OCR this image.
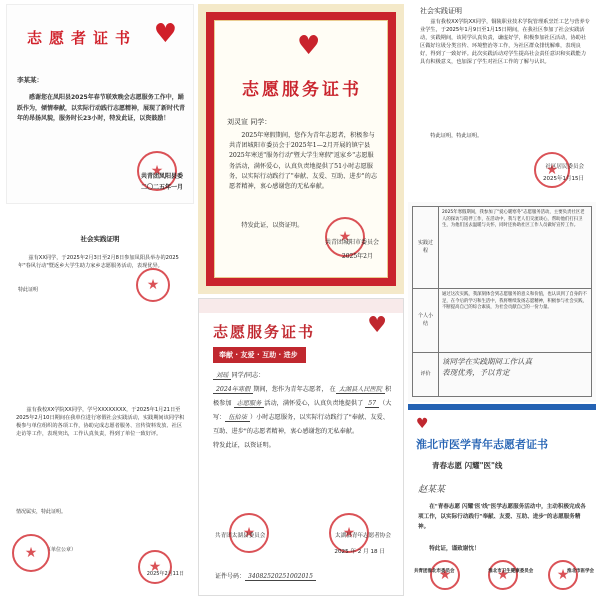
志愿者证书 ♥
李某某：
感谢您在凤阳县2025年春节联欢晚会志愿服务工作中，踊跃作为，倾情奉献，以实际行动践行志愿精神，展现了新时代青年的昂扬风貌，服务时长23小时，特发此证，以资鼓励！
★
共青团凤阳县委
二〇二五年一月
社会实践证明
兹有XX同学，于2025年2月3日至2月8日参加凤阳县举办的2025年"春风行动"暨返乡大学生助力家乡志愿服务活动，表现优异。
特此证明
★
♥
志愿服务证书
刘灵宣 同学：
2025年寒假期间，您作为青年志愿者，积极参与共青团城阳市委员会于2025年1—2月开展的镇宁县2025年寒送"服务行动"暨大学生寒假"返家乡"志愿服务活动，满怀爱心，认真负责地提供了51小时志愿服务，以实际行动践行了"奉献、友爱、互助、进步"的志愿者精神，衷心感谢您的无私奉献。
特发此证，以资证明。
★
共青团城阳市委员会
2025年2月
社会实践证明
兹有我校XX学院XX同学，铜陵职业技术学院管理系烹饪工艺与营养专业学生，于2025年1月9日至1月15日期间，在我社区参加了社会实践活动，实践期间，该同学认真负责，谦虚好学，积极参加社区活动，协助社区做好垃圾分类宣传、环境整治等工作，为社区群众排忧解难，表现良好，得到了一致好评。此次实践活动对学生提高社会责任意识和实践能力具有积极意义，也加深了学生对社区工作的了解与认识。
特此证明，特此证明。
★
社区居民委员会
2025年1月15日
实践过程	2025年寒假期间，我参加了"爱心暖寒冬"志愿服务活动，主要负责社区老人的探访与陪伴工作，在活动中，我与老人们交流谈心，帮助他们打扫卫生，为他们送去温暖与关怀，同时还协助社区工作人员做好宣传工作。
个人小结	通过这次实践，我深刻体会到志愿服务的意义和价值，也认识到了自身的不足，在今后的学习和生活中，我将继续发扬志愿精神，积极参与社会实践，不断提高自己的综合素质，为社会贡献自己的一份力量。
评价	该同学在实践期间工作认真
表现优秀，予以肯定
志愿服务证书 ♥
奉献 · 友爱 · 互助 · 进步
刘瑶 同学/同志：
2024年寒假 期间，您作为青年志愿者， 在 太湖县人民医院 积极参加 志愿服务 活动，满怀爱心，认真负责地提供了 57 （大写： 伍拾柒 ）小时志愿服务，以实际行动践行了"奉献、友爱、互助、进步"的志愿者精神，衷心感谢您的无私奉献。
特发此证，以资证明。
★
★
共青团太湖县委员会	太湖县青年志愿者协会
2025 年 2 月 18 日
证件号码： 34082520251002015
兹有我校XX学院XX同学，学号XXXXXXXX，于2025年1月21日至2025年2月10日期间在我单位进行寒假社会实践活动，实践期间该同学积极参与单位组织的各项工作，协助完成志愿者服务、宣传资料发放、社区走访等工作，表现突出，工作认真负责，得到了单位一致好评。
情况属实，特此证明。
★
★
（单位公章）
2025年2月11日
♥
淮北市医学青年志愿者证书
青春志愿 闪耀"医"线
赵某某
在"青春志愿 闪耀'医'线"医学志愿服务活动中，主动积极完成各项工作，以实际行动践行"奉献、友爱、互助、进步"的志愿服务精神。
特此证，谨致谢忱！
★
★
★
共青团淮北市委员会	淮北市卫生健康委员会	淮北市医学会
